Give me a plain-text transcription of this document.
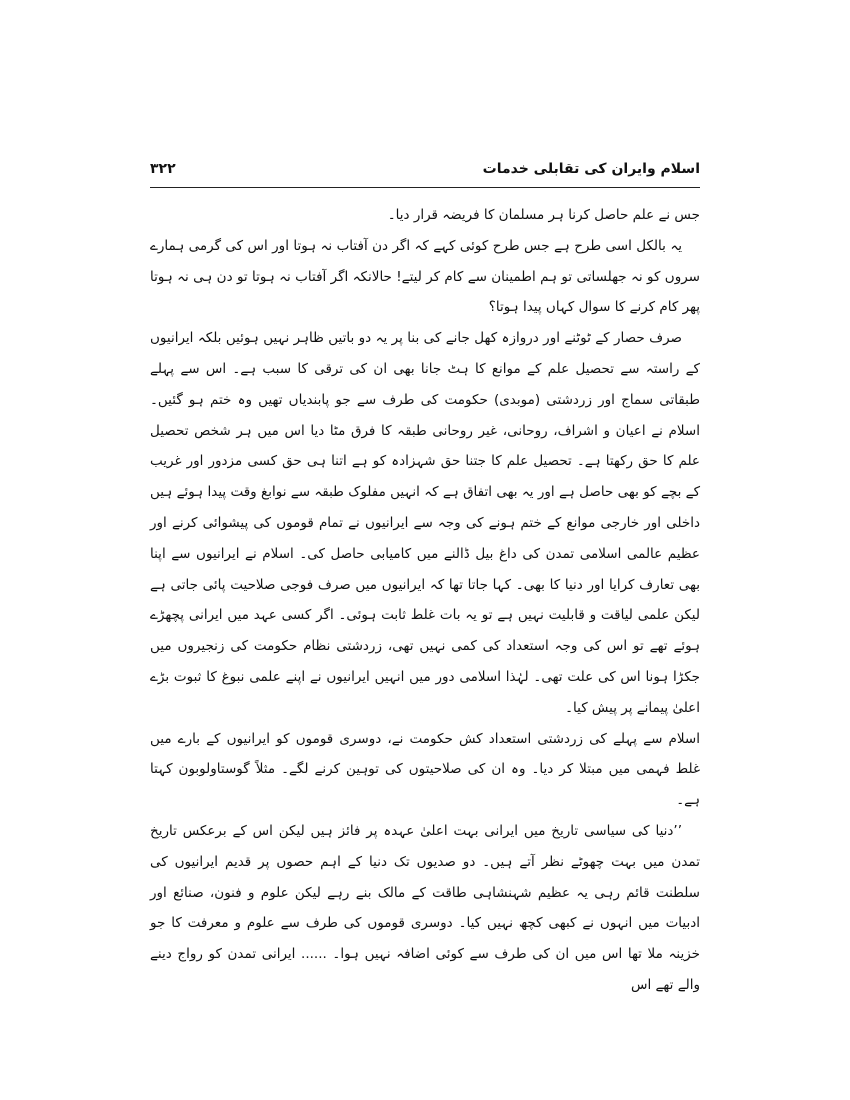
اسلام وایران کی تقابلی خدمات
۳۲۲

جس نے علم حاصل کرنا ہر مسلمان کا فریضہ قرار دیا۔

یہ بالکل اسی طرح ہے جس طرح کوئی کہے کہ اگر دن آفتاب نہ ہوتا اور اس کی گرمی ہمارے سروں کو نہ جھلساتی تو ہم اطمینان سے کام کر لیتے! حالانکہ اگر آفتاب نہ ہوتا تو دن ہی نہ ہوتا پھر کام کرنے کا سوال کہاں پیدا ہوتا؟

صرف حصار کے ٹوٹنے اور دروازہ کھل جانے کی بنا پر یہ دو باتیں ظاہر نہیں ہوئیں بلکہ ایرانیوں کے راستہ سے تحصیل علم کے موانع کا ہٹ جانا بھی ان کی ترقی کا سبب ہے۔ اس سے پہلے طبقاتی سماج اور زردشتی (موبدی) حکومت کی طرف سے جو پابندیاں تھیں وہ ختم ہو گئیں۔ اسلام نے اعیان و اشراف، روحانی، غیر روحانی طبقہ کا فرق مٹا دیا اس میں ہر شخص تحصیل علم کا حق رکھتا ہے۔ تحصیل علم کا جتنا حق شہزادہ کو ہے اتنا ہی حق کسی مزدور اور غریب کے بچے کو بھی حاصل ہے اور یہ بھی اتفاق ہے کہ انہیں مفلوک طبقہ سے نوابغ وقت پیدا ہوئے ہیں داخلی اور خارجی موانع کے ختم ہونے کی وجہ سے ایرانیوں نے تمام قوموں کی پیشوائی کرنے اور عظیم عالمی اسلامی تمدن کی داغ بیل ڈالنے میں کامیابی حاصل کی۔ اسلام نے ایرانیوں سے اپنا بھی تعارف کرایا اور دنیا کا بھی۔ کہا جاتا تھا کہ ایرانیوں میں صرف فوجی صلاحیت پائی جاتی ہے لیکن علمی لیاقت و قابلیت نہیں ہے تو یہ بات غلط ثابت ہوئی۔ اگر کسی عہد میں ایرانی پچھڑے ہوئے تھے تو اس کی وجہ استعداد کی کمی نہیں تھی، زردشتی نظام حکومت کی زنجیروں میں جکڑا ہونا اس کی علت تھی۔ لہٰذا اسلامی دور میں انہیں ایرانیوں نے اپنے علمی نبوغ کا ثبوت بڑے اعلیٰ پیمانے پر پیش کیا۔

اسلام سے پہلے کی زردشتی استعداد کش حکومت نے، دوسری قوموں کو ایرانیوں کے بارے میں غلط فہمی میں مبتلا کر دیا۔ وہ ان کی صلاحیتوں کی توہین کرنے لگے۔ مثلاً گوستاولوبون کہتا ہے۔

’’دنیا کی سیاسی تاریخ میں ایرانی بہت اعلیٰ عہدہ پر فائز ہیں لیکن اس کے برعکس تاریخ تمدن میں بہت چھوٹے نظر آتے ہیں۔ دو صدیوں تک دنیا کے اہم حصوں پر قدیم ایرانیوں کی سلطنت قائم رہی یہ عظیم شہنشاہی طاقت کے مالک بنے رہے لیکن علوم و فنون، صنائع اور ادبیات میں انہوں نے کبھی کچھ نہیں کیا۔ دوسری قوموں کی طرف سے علوم و معرفت کا جو خزینہ ملا تھا اس میں ان کی طرف سے کوئی اضافہ نہیں ہوا۔ ...... ایرانی تمدن کو رواج دینے والے تھے اس
